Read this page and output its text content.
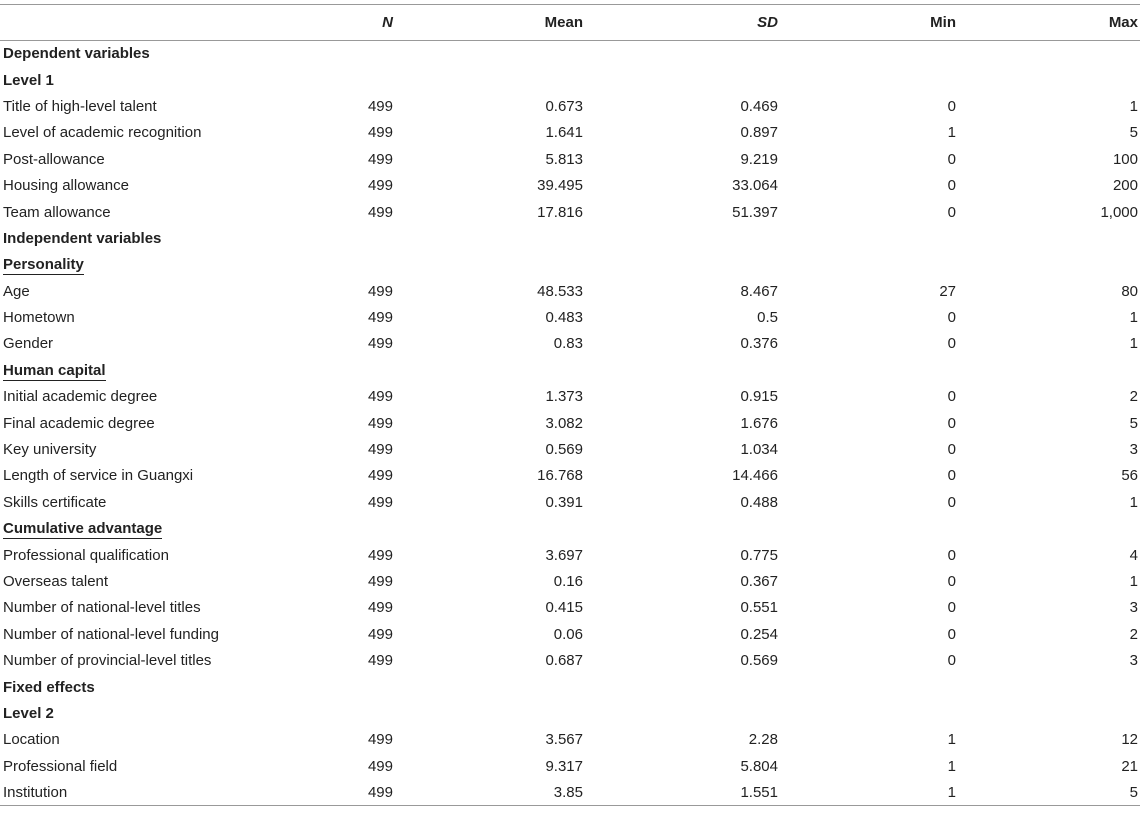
	N	Mean	SD	Min	Max
Dependent variables					
Level 1					
Title of high-level talent	499	0.673	0.469	0	1
Level of academic recognition	499	1.641	0.897	1	5
Post-allowance	499	5.813	9.219	0	100
Housing allowance	499	39.495	33.064	0	200
Team allowance	499	17.816	51.397	0	1,000
Independent variables					
Personality					
Age	499	48.533	8.467	27	80
Hometown	499	0.483	0.5	0	1
Gender	499	0.83	0.376	0	1
Human capital					
Initial academic degree	499	1.373	0.915	0	2
Final academic degree	499	3.082	1.676	0	5
Key university	499	0.569	1.034	0	3
Length of service in Guangxi	499	16.768	14.466	0	56
Skills certificate	499	0.391	0.488	0	1
Cumulative advantage					
Professional qualification	499	3.697	0.775	0	4
Overseas talent	499	0.16	0.367	0	1
Number of national-level titles	499	0.415	0.551	0	3
Number of national-level funding	499	0.06	0.254	0	2
Number of provincial-level titles	499	0.687	0.569	0	3
Fixed effects					
Level 2					
Location	499	3.567	2.28	1	12
Professional field	499	9.317	5.804	1	21
Institution	499	3.85	1.551	1	5
